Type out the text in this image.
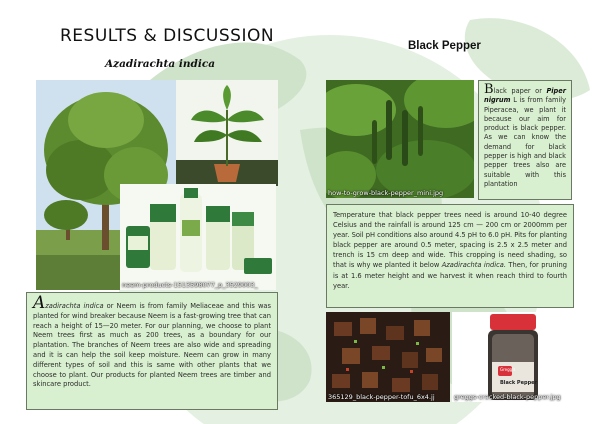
RESULTS & DISCUSSION
Azadirachta indica
Black Pepper
neem-products-1513598077_p_3529003_
Azadirachta indica or Neem is from family Meliaceae and this was planted for wind breaker because Neem is a fast-growing tree that can reach a height of 15—20 meter. For our planning, we choose to plant Neem trees first as much as 200 trees, as a boundary for our plantation. The branches of Neem trees are also wide and spreading and it is can help the soil keep moisture. Neem can grow in many different types of soil and this is same with other plants that we choose to plant. Our products for planted Neem trees are timber and skincare product.
how-to-grow-black-pepper_mini.jpg
Black paper or Piper nigrum L is from family Piperacea, we plant it because our aim for product is black pepper. As we can know the demand for black pepper is high and black pepper trees also are suitable with this plantation
Temperature that black pepper trees need is around 10-40 degree Celsius and the rainfall is around 125 cm — 200 cm or 2000mm per year. Soil pH conditions also around 4.5 pH to 6.0 pH. Pits for planting black pepper are around 0.5 meter, spacing is 2.5 x 2.5 meter and trench is 15 cm deep and wide. This cropping is need shading, so that is why we planted it below Azadirachta indica. Then, for pruning is at 1.6 meter height and we harvest it when reach third to fourth year.
365129_black-pepper-tofu_6x4.jj
Gregg's
Black Pepper
greggs-cracked-black-pepper.jpg
